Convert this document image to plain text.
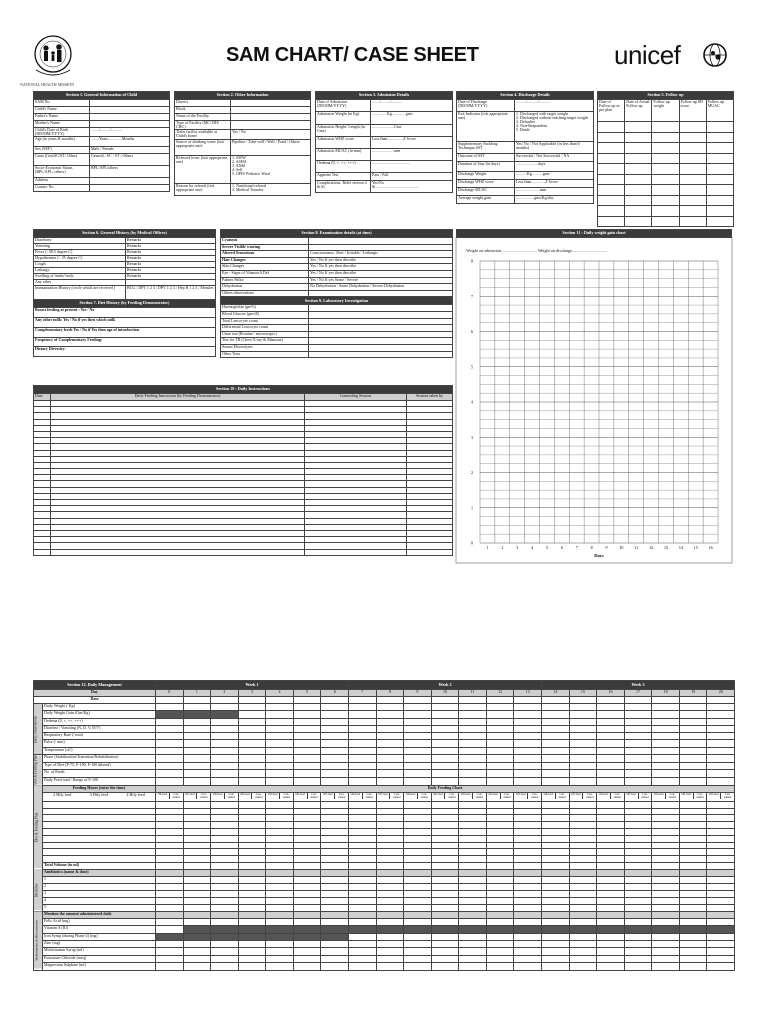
NATIONAL HEALTH MISSION
SAM CHART/ CASE SHEET	unicef
Section 1. General Information of Child	
SAM No.	
Child's Name	
Father's Name	
Mother's Name	
Child's Date of Birth (DD/MM/YYYY)	......../........../...........
Age (in years & months)	........Years..............Months
Sex (M/F)	Male / Female
Caste (Gen/SC/ST/ Other)	General / SC / ST / Others
Socio-Economic Status (BPL/APL/ others)	BPL/APL/others
Address	
Contact No.	
Section 2. Other Information	
District	
Block	
Name of the Facility	
Type of Facility (MC/ DH/ CHC)	
Toilet facility available at Child's home	Yes / No
Source of drinking water (tick appropriate one)	Pipeline / Tube well / Well / Pond / Others
Referred from: (tick appropriate one)	1. AWW
2. ASHA
3. ANM
4. Self
5. OPD/ Pediatric Ward
Reason for referral (tick appropriate one)	1. Nutritional referral
2. Medical Transfer
Section 3. Admission Details	
Date of Admission (DD/MM/YYYY)	......../........./...........
Admission Weight (in Kg)	...............Kg..............gms
Admission Height/ Length (in Cms)	......................Cms
Admission WHZ score	Less than................Z Score
Admission MUAC (in mm)	......................mm
Oedema (0, +, ++, +++)	......................................
Appetite Test	Pass / Fail
Complications: Refer section 4 & 6)	Yes/No
& ...........................................
Section 4. Discharge Details	
Date of Discharge (DD/MM/YYYY)	........../.........../...........
Exit Indicator (tick appropriate one)	1. Discharged with target weight
2. Discharged without reaching target weight
3. Defaulter
4. Non-Respondent
5. Death
Supplementary Suckling Technique SST	Yes/ No / Not Applicable (in less than 6 months)
Outcome of SST	Successful / Not Successful / NA
Duration of Stay (in days)	......................days
Discharge Weight	...........Kg...........gms
Discharge WHZ score	Less than..............Z Score
Discharge MUAC	........................mm
Average weight gain	..................gms/Kg/day
Section 5. Follow up				
Date of Follow up as per plan	Date of Actual Follow up	Follow up weight	Follow up SD score	Follow up MUAC

Section 6. General History (by Medical Officer)	
Diarrhoea	Remarks
Vomiting	Remarks
Fever (>38.5 degree C)	Remarks
Hypothermia (< 35 degree C)	Remarks
Cough	Remarks
Lethargy	Remarks
Swelling of limbs/ body	Remarks
Any other	
Immunization History (circle which are received )	BCG / DPT 1 2 3 / DPV 1 2 3 / Hep B 1 2 3 / Measles
Section 7. Diet History (by Feeding Demonstrator)	
Breast feeding at present : Yes / No	
Any other milk: Yes / No if yes then which milk	
Complementary feeds Yes / No if Yes then age of introduction	
Frequency of Complementary Feeding:	
Dietary Diversity:	
Section 8. Examination details (at time)	
Cyanosis	
Severe Visible wasting	
Altered Sensorium	Consciousness: Alert / Irritable / Lethargic
Hair Changes	Yes / No If yes then describe
Skin Changes	Yes / No If yes then describe
Eye - Signs of Vitamin A Def	Yes / No If yes then describe
Palmer Pallor	Yes / No If yes Some / Severe
Dehydration	No Dehydration / Some Dehydration / Severe Dehydration
Others observations	
Section 9. Laboratory Investigation	
Haemoglobin (gm%)	
Blood Glucose (gm/dl)	
Total Leucocyte count	
Differential Leucocyte count	
Urine test (Routine / microscopic)	
Test for TB (Chest X-ray & Mantoux)	
Serum Electrolytes	
Other Tests	
Section 10 : Daily Instructions			
Date	Daily Feeding Instruction (by Feeding Demonstrator)	Counseling Session	Session taken by

Section 11 : Daily weight gain chart
Weight on admission.................................. Weight on discharge.................................
8
7
6
5
4
3
2
1
0
1	2	3	4	5	6	7	8	9	10	11	12	13	14	15	16
Days
Section 12. Daily Management		Week 1							Week 2							Week 3						
Day		0	1	2	3	4	5	6	7	8	9	10	11	12	13	14	15	16	17	18	19	20
Date																						
Daily observations	Daily Weight ( Kg)																					
	Daily Weight Gain (Gm/Kg)																					
	Oedema (0, +, ++, +++)																					
	Diarrhea / Vomiting (N, D, V, D/V)																					
	Respiratory Rate (/ min)																					
	Pulse (/ min)																					
	Temperature (oC)																					
Diet & Feeding Plan	Phase (Stabilization/Transition/Rehabilitation)																					
	Type of Diet (F-75, F-100, F-100 diluted)																					
	No. of Feeds																					
	Daily Feed total / Range of F-100																					
Diet & Feeding Plan	Feeding Hours (enter the time)	Daily Feeding Chart																				

	2 Hrly feed 3 Hrly feed 4 Hrly feed	Off-feed Con-sumed	Off-feed Con-sumed	Off-feed Con-sumed	Off-feed Con-sumed	Off-feed Con-sumed	Off-feed Con-sumed	Off-feed Con-sumed	Off-feed Con-sumed	Off-feed Con-sumed	Off-feed Con-sumed	Off-feed Con-sumed	Off-feed Con-sumed	Off-feed Con-sumed	Off-feed Con-sumed	Off-feed Con-sumed	Off-feed Con-sumed	Off-feed Con-sumed	Off-feed Con-sumed	Off-feed Con-sumed	Off-feed Con-sumed	Off-feed Con-sumed

	Total Volume (in ml)																					
Medicine	Antibiotics (name & dose)																					
	1																					
	2																					
	3																					
	4																					
	5																					
Multivitamins & Micronutrients	Mention the amount administered daily																					
	Folic Acid (mg)																					
	Vitamin A (IU)																					
	Iron Syrup (during Phase-2) (mg)																					
	Zinc (mg)																					
	Multivitamin Syrup (ml)																					
	Potassium Chloride (meq)																					
	Magnesium Sulphate (ml)																					
